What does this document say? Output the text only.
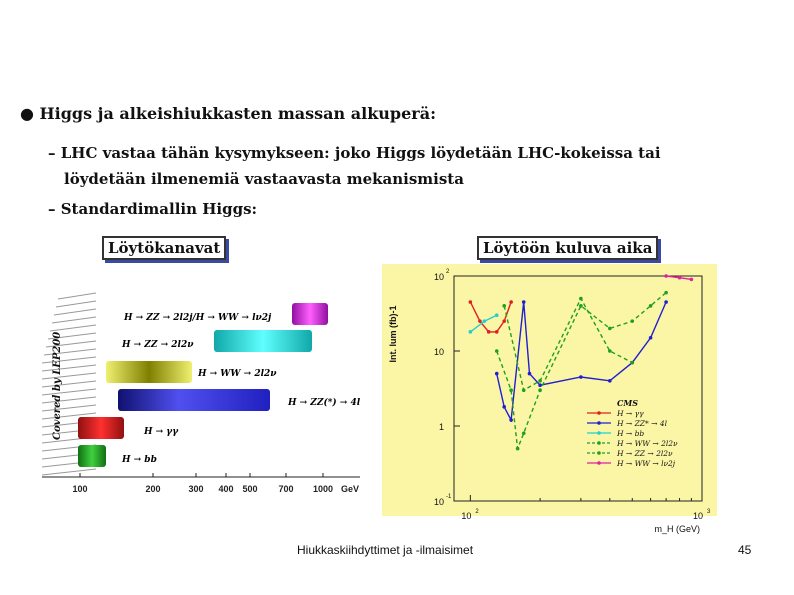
● Higgs ja alkeishiukkasten massan alkuperä:
– LHC vastaa tähän kysymykseen: joko Higgs löydetään LHC-kokeissa tai
löydetään ilmenemiä vastaavasta mekanismista
– Standardimallin Higgs:
Löytökanavat	Löytöön kuluva aika
Covered by LEP200
H → ZZ → 2l2j/H → WW → lν2j
H → ZZ → 2l2ν
H → WW → 2l2ν
H → ZZ(*) → 4l
H → γγ
H → bb
100	200	300 400 500 700 1000 GeV
Int. lum (fb)-1
m_H (GeV)
10 2
10
1
10 -1
10 2	10 3
CMS
H → γγ
H → ZZ* → 4l
H → bb
H → WW → 2l2ν
H → ZZ → 2l2ν
H → WW → lν2j
Hiukkaskiihdyttimet ja -ilmaisimet	45
